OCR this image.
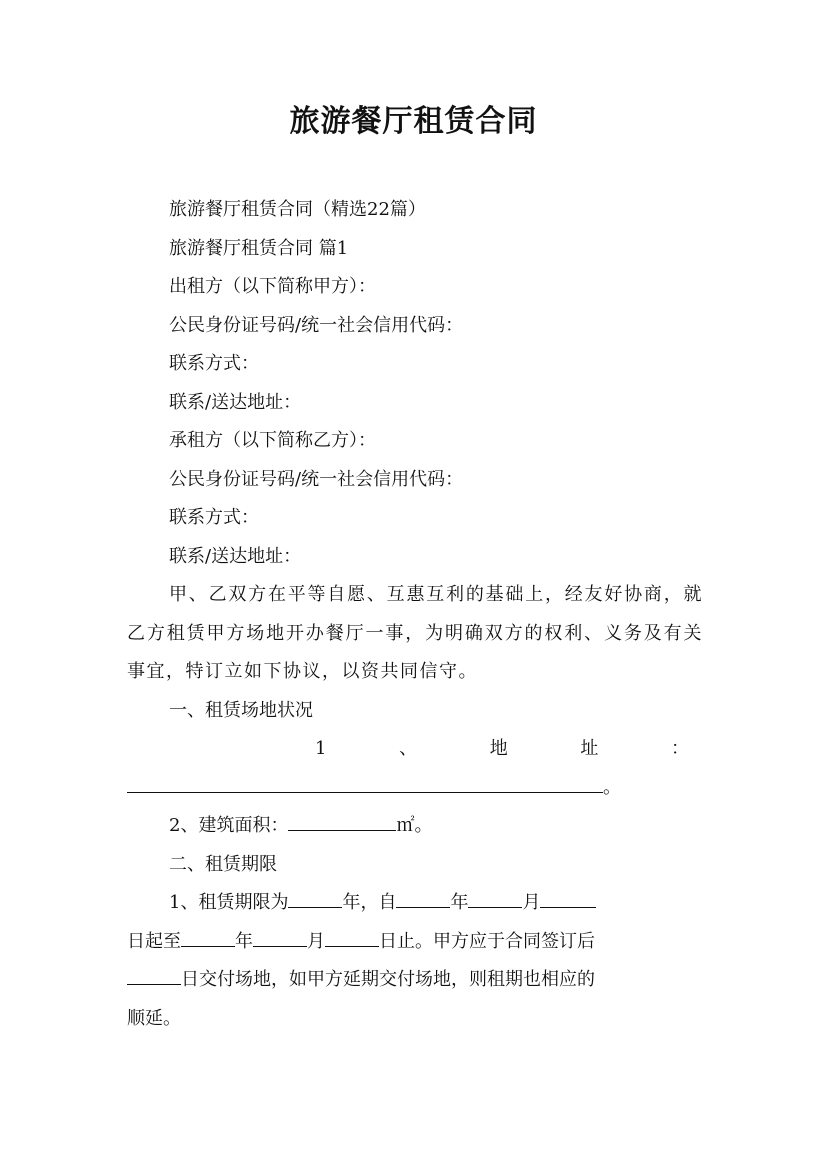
旅游餐厅租赁合同
旅游餐厅租赁合同（精选22篇）
旅游餐厅租赁合同 篇1
出租方（以下简称甲方）：
公民身份证号码/统一社会信用代码：
联系方式：
联系/送达地址：
承租方（以下简称乙方）：
公民身份证号码/统一社会信用代码：
联系方式：
联系/送达地址：
甲、乙双方在平等自愿、互惠互利的基础上，经友好协商，就乙方租赁甲方场地开办餐厅一事，为明确双方的权利、义务及有关事宜，特订立如下协议，以资共同信守。
一、租赁场地状况
1	、	地	址	：
。
2、建筑面积：	㎡。
二、租赁期限
1、租赁期限为	年，自	年	月
日起至	年	月	日止。甲方应于合同签订后
日交付场地，如甲方延期交付场地，则租期也相应的
顺延。
